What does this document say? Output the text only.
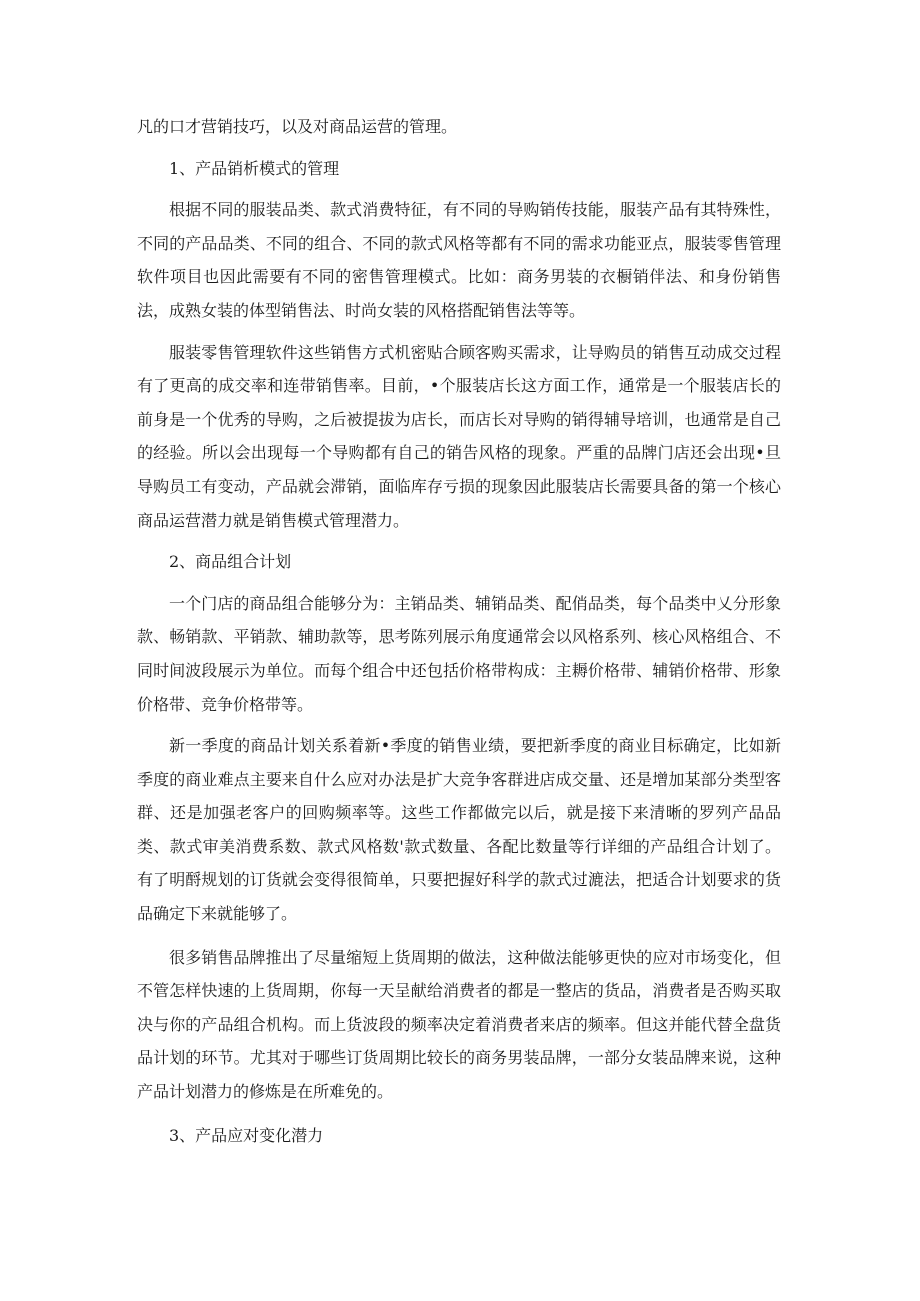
凡的口才营销技巧，以及对商品运营的管理。

1、产品销析模式的管理

根据不同的服装品类、款式消费特征，有不同的导购销传技能，服装产品有其特殊性，不同的产品品类、不同的组合、不同的款式风格等都有不同的需求功能亚点，服装零售管理软件项目也因此需要有不同的密售管理模式。比如：商务男装的衣橱销伴法、和身份销售法，成熟女装的体型销售法、时尚女装的风格搭配销售法等等。

服装零售管理软件这些销售方式机密贴合顾客购买需求，让导购员的销售互动成交过程有了更高的成交率和连带销售率。目前，•个服装店长这方面工作，通常是一个服装店长的前身是一个优秀的导购，之后被提拔为店长，而店长对导购的销得辅导培训，也通常是自己的经验。所以会出现每一个导购都有自己的销告风格的现象。严重的品牌门店还会出现•旦导购员工有变动，产品就会滞销，面临库存亏损的现象因此服装店长需要具备的第一个核心商品运营潜力就是销售模式管理潜力。

2、商品组合计划

一个门店的商品组合能够分为：主销品类、辅销品类、配俏品类，每个品类中乂分形象款、畅销款、平销款、辅助款等，思考陈列展示角度通常会以风格系列、核心风格组合、不同时间波段展示为单位。而每个组合中还包括价格带构成：主耨价格带、辅销价格带、形象价格带、竞争价格带等。

新一季度的商品计划关系着新•季度的销售业绩，要把新季度的商业目标确定，比如新季度的商业难点主要来自什么应对办法是扩大竞争客群进店成交量、还是增加某部分类型客群、还是加强老客户的回购频率等。这些工作都做完以后，就是接下来清晰的罗列产品品类、款式审美消费系数、款式风格数'款式数量、各配比数量等行详细的产品组合计划了。有了明酹规划的订货就会变得很简单，只要把握好科学的款式过漉法，把适合计划要求的货品确定下来就能够了。

很多销售品牌推出了尽量缩短上货周期的做法，这种做法能够更快的应对市场变化，但不管怎样快速的上货周期，你每一天呈献给消费者的都是一整店的货品，消费者是否购买取决与你的产品组合机构。而上货波段的频率决定着消费者来店的频率。但这并能代替全盘货品计划的环节。尤其对于哪些订货周期比较长的商务男装品牌，一部分女装品牌来说，这种产品计划潜力的修炼是在所难免的。

3、产品应对变化潜力
